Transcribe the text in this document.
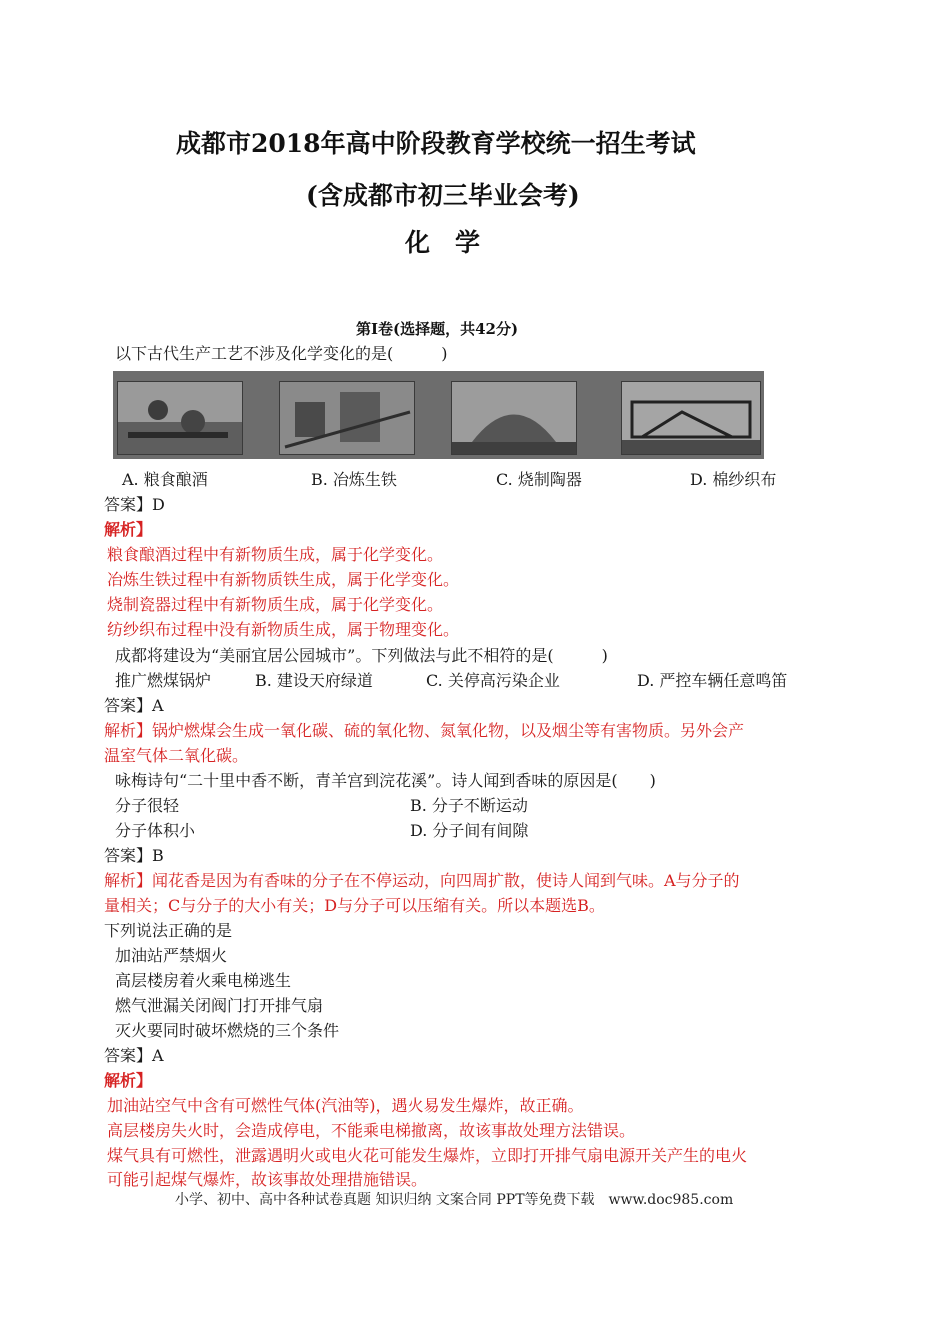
成都市2018年高中阶段教育学校统一招生考试
(含成都市初三毕业会考)
化　学
第Ⅰ卷(选择题，共42分)
以下古代生产工艺不涉及化学变化的是(　　　)
A. 粮食酿酒	B. 冶炼生铁	C. 烧制陶器	D. 棉纱织布
答案】D
解析】
粮食酿酒过程中有新物质生成，属于化学变化。
冶炼生铁过程中有新物质铁生成，属于化学变化。
烧制瓷器过程中有新物质生成，属于化学变化。
纺纱织布过程中没有新物质生成，属于物理变化。
成都将建设为“美丽宜居公园城市”。下列做法与此不相符的是(　　　)
推广燃煤锅炉	B. 建设天府绿道	C. 关停高污染企业	D. 严控车辆任意鸣笛
答案】A
解析】锅炉燃煤会生成一氧化碳、硫的氧化物、氮氧化物，以及烟尘等有害物质。另外会产
温室气体二氧化碳。
咏梅诗句“二十里中香不断，青羊宫到浣花溪”。诗人闻到香味的原因是(　　)
分子很轻	B. 分子不断运动
分子体积小	D. 分子间有间隙
答案】B
解析】闻花香是因为有香味的分子在不停运动，向四周扩散，使诗人闻到气味。A与分子的
量相关；C与分子的大小有关；D与分子可以压缩有关。所以本题选B。
下列说法正确的是
加油站严禁烟火
高层楼房着火乘电梯逃生
燃气泄漏关闭阀门打开排气扇
灭火要同时破坏燃烧的三个条件
答案】A
解析】
加油站空气中含有可燃性气体(汽油等)，遇火易发生爆炸，故正确。
高层楼房失火时，会造成停电，不能乘电梯撤离，故该事故处理方法错误。
煤气具有可燃性，泄露遇明火或电火花可能发生爆炸，立即打开排气扇电源开关产生的电火
可能引起煤气爆炸，故该事故处理措施错误。
小学、初中、高中各种试卷真题 知识归纳 文案合同 PPT等免费下载　www.doc985.com
